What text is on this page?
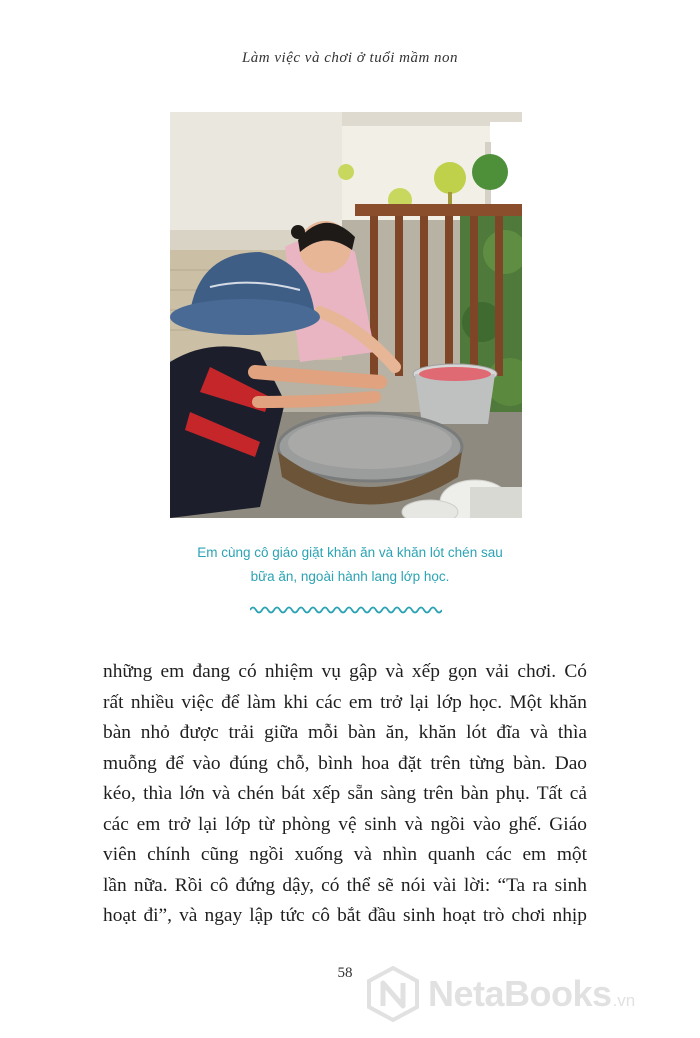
Làm việc và chơi ở tuổi mầm non
Em cùng cô giáo giặt khăn ăn và khăn lót chén sau
bữa ăn, ngoài hành lang lớp học.

những em đang có nhiệm vụ gập và xếp gọn vải chơi. Có

rất nhiều việc để làm khi các em trở lại lớp học. Một khăn

bàn nhỏ được trải giữa mỗi bàn ăn, khăn lót đĩa và thìa

muỗng để vào đúng chỗ, bình hoa đặt trên từng bàn. Dao

kéo, thìa lớn và chén bát xếp sẵn sàng trên bàn phụ. Tất cả

các em trở lại lớp từ phòng vệ sinh và ngồi vào ghế. Giáo

viên chính cũng ngồi xuống và nhìn quanh các em một

lần nữa. Rồi cô đứng dậy, có thể sẽ nói vài lời: “Ta ra sinh

hoạt đi”, và ngay lập tức cô bắt đầu sinh hoạt trò chơi nhịp

58	NetaBooks .vn
